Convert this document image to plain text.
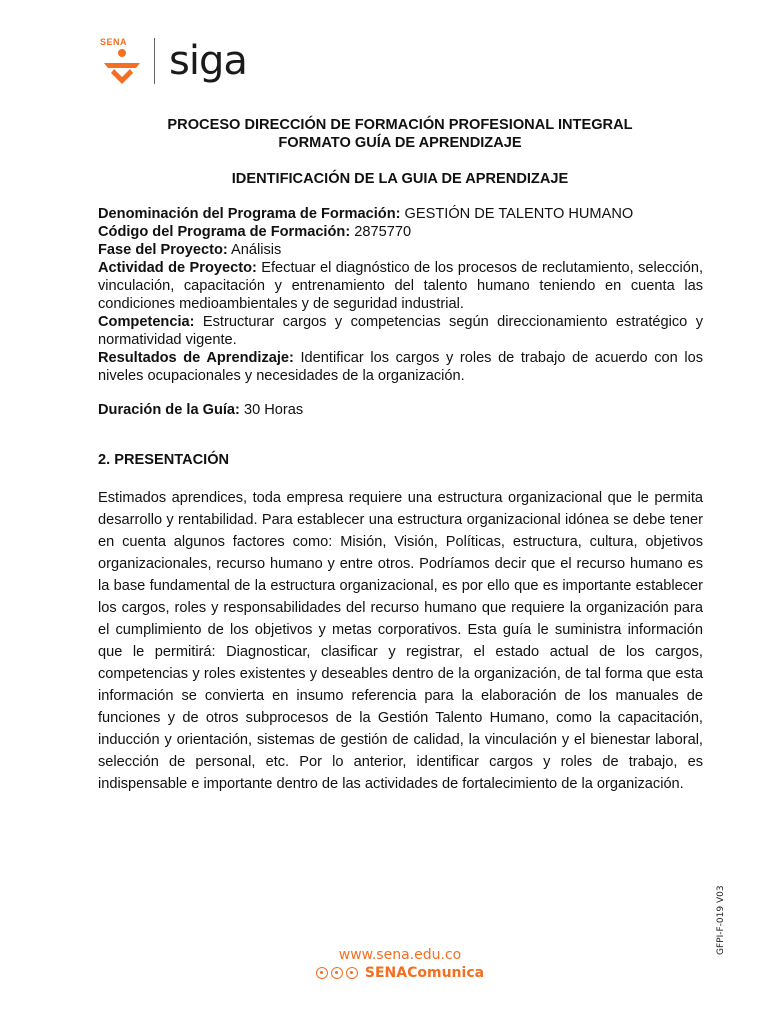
SENA siga
PROCESO DIRECCIÓN DE FORMACIÓN PROFESIONAL INTEGRAL
FORMATO GUÍA DE APRENDIZAJE
IDENTIFICACIÓN DE LA GUIA DE APRENDIZAJE

Denominación del Programa de Formación: GESTIÓN DE TALENTO HUMANO

Código del Programa de Formación: 2875770

Fase del Proyecto: Análisis

Actividad de Proyecto: Efectuar el diagnóstico de los procesos de reclutamiento, selección, vinculación, capacitación y entrenamiento del talento humano teniendo en cuenta las condiciones medioambientales y de seguridad industrial.

Competencia: Estructurar cargos y competencias según direccionamiento estratégico y normatividad vigente.

Resultados de Aprendizaje: Identificar los cargos y roles de trabajo de acuerdo con los niveles ocupacionales y necesidades de la organización.

Duración de la Guía: 30 Horas
2. PRESENTACIÓN

Estimados aprendices, toda empresa requiere una estructura organizacional que le permita desarrollo y rentabilidad. Para establecer una estructura organizacional idónea se debe tener en cuenta algunos factores como: Misión, Visión, Políticas, estructura, cultura, objetivos organizacionales, recurso humano y entre otros. Podríamos decir que el recurso humano es la base fundamental de la estructura organizacional, es por ello que es importante establecer los cargos, roles y responsabilidades del recurso humano que requiere la organización para el cumplimiento de los objetivos y metas corporativos. Esta guía le suministra información que le permitirá: Diagnosticar, clasificar y registrar, el estado actual de los cargos, competencias y roles existentes y deseables dentro de la organización, de tal forma que esta información se convierta en insumo referencia para la elaboración de los manuales de funciones y de otros subprocesos de la Gestión Talento Humano, como la capacitación, inducción y orientación, sistemas de gestión de calidad, la vinculación y el bienestar laboral, selección de personal, etc. Por lo anterior, identificar cargos y roles de trabajo, es indispensable e importante dentro de las actividades de fortalecimiento de la organización.

www.sena.edu.co
SENAComunica
GFPI-F-019 V03
